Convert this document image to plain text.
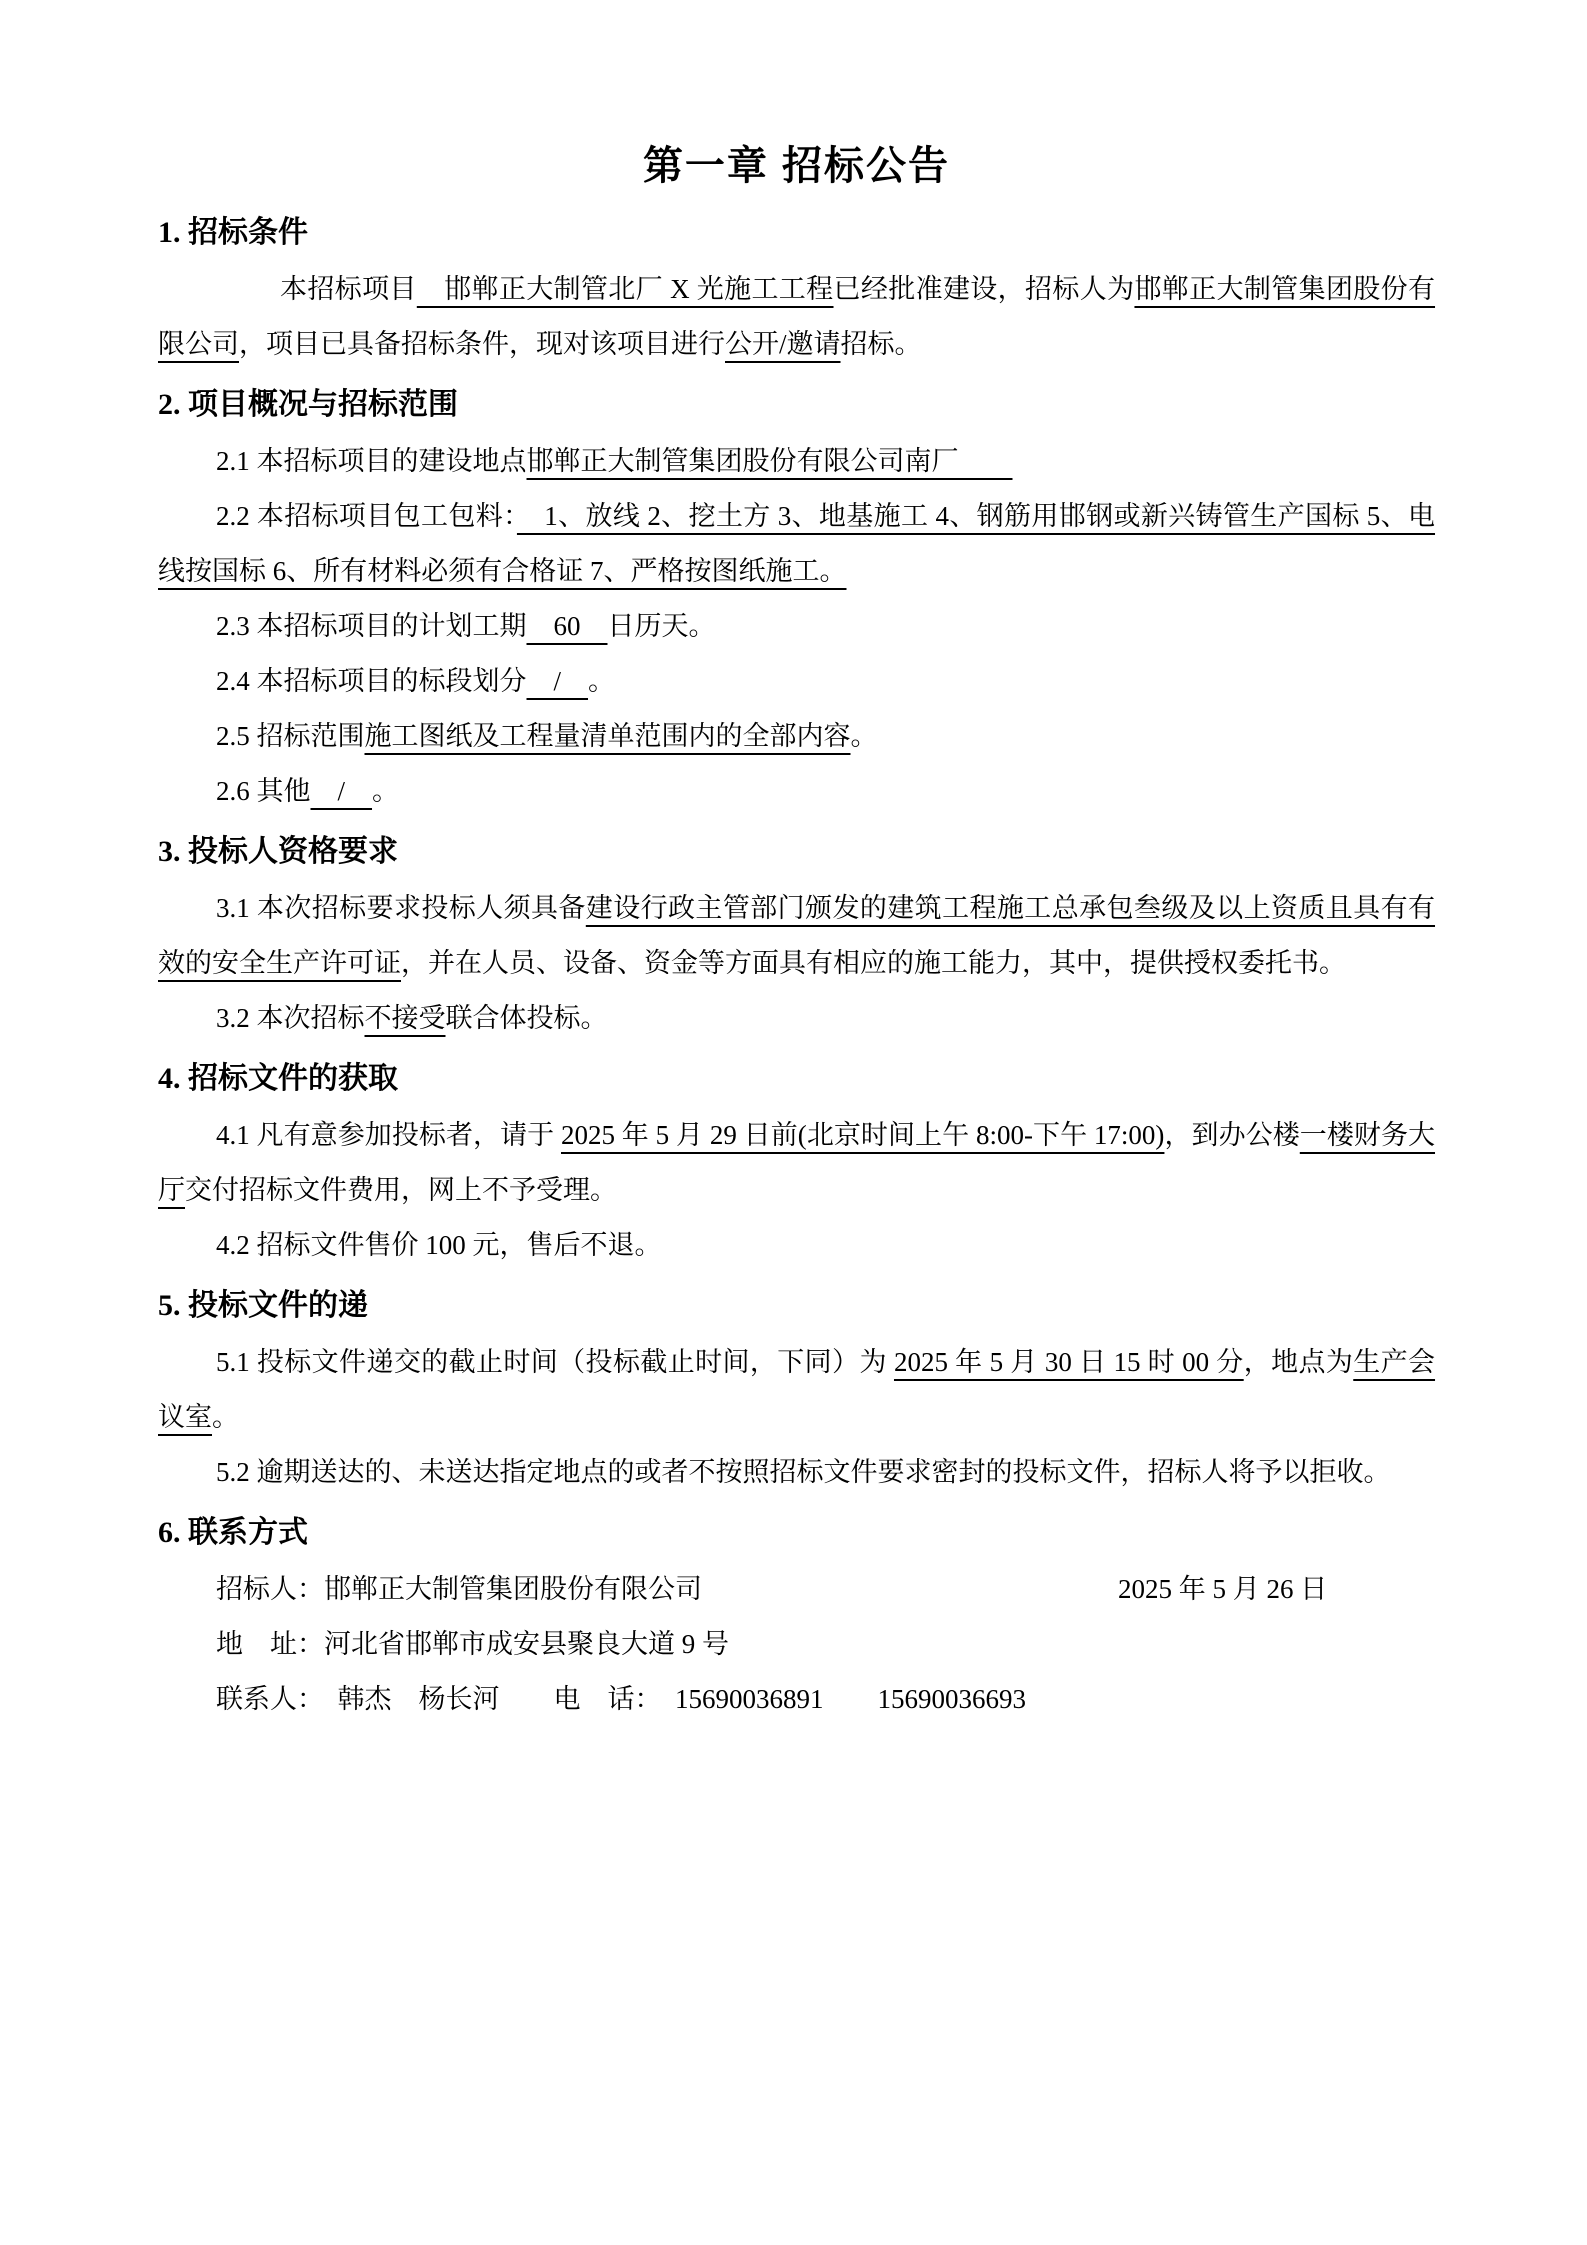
第一章 招标公告
1. 招标条件

本招标项目　邯郸正大制管北厂 X 光施工工程已经批准建设，招标人为邯郸正大制管集团股份有限公司，项目已具备招标条件，现对该项目进行公开/邀请招标。

2. 项目概况与招标范围

2.1 本招标项目的建设地点邯郸正大制管集团股份有限公司南厂　　

2.2 本招标项目包工包料：　1、放线 2、挖土方 3、地基施工 4、钢筋用邯钢或新兴铸管生产国标 5、电线按国标 6、所有材料必须有合格证 7、严格按图纸施工。

2.3 本招标项目的计划工期　60　日历天。

2.4 本招标项目的标段划分　/　。

2.5 招标范围施工图纸及工程量清单范围内的全部内容。

2.6 其他　/　。

3. 投标人资格要求

3.1 本次招标要求投标人须具备建设行政主管部门颁发的建筑工程施工总承包叁级及以上资质且具有有效的安全生产许可证，并在人员、设备、资金等方面具有相应的施工能力，其中，提供授权委托书。

3.2 本次招标不接受联合体投标。

4. 招标文件的获取

4.1 凡有意参加投标者，请于 2025 年 5 月 29 日前(北京时间上午 8:00-下午 17:00)，到办公楼一楼财务大厅交付招标文件费用，网上不予受理。

4.2 招标文件售价 100 元，售后不退。

5. 投标文件的递

5.1 投标文件递交的截止时间（投标截止时间，下同）为 2025 年 5 月 30 日 15 时 00 分，地点为生产会议室。

5.2 逾期送达的、未送达指定地点的或者不按照招标文件要求密封的投标文件，招标人将予以拒收。

6. 联系方式

招标人：邯郸正大制管集团股份有限公司	2025 年 5 月 26 日

地　址：河北省邯郸市成安县聚良大道 9 号

联系人：　韩杰　杨长河　　 电　话：　 15690036891　　 15690036693
